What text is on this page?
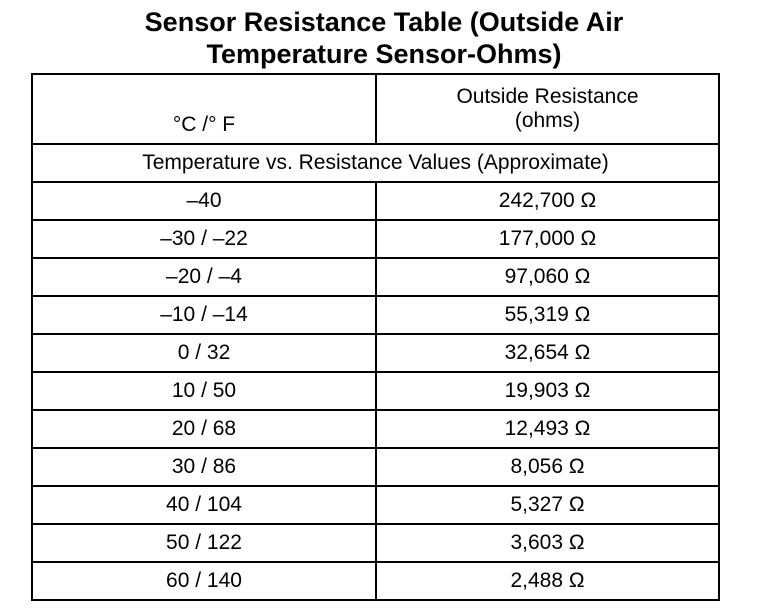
Sensor Resistance Table (Outside Air
Temperature Sensor-Ohms)
°C /° F	Outside Resistance
(ohms)

Temperature vs. Resistance Values (Approximate)	
–40	242,700 Ω
–30 / –22	177,000 Ω
–20 / –4	97,060 Ω
–10 / –14	55,319 Ω
0 / 32	32,654 Ω
10 / 50	19,903 Ω
20 / 68	12,493 Ω
30 / 86	8,056 Ω
40 / 104	5,327 Ω
50 / 122	3,603 Ω
60 / 140	2,488 Ω
